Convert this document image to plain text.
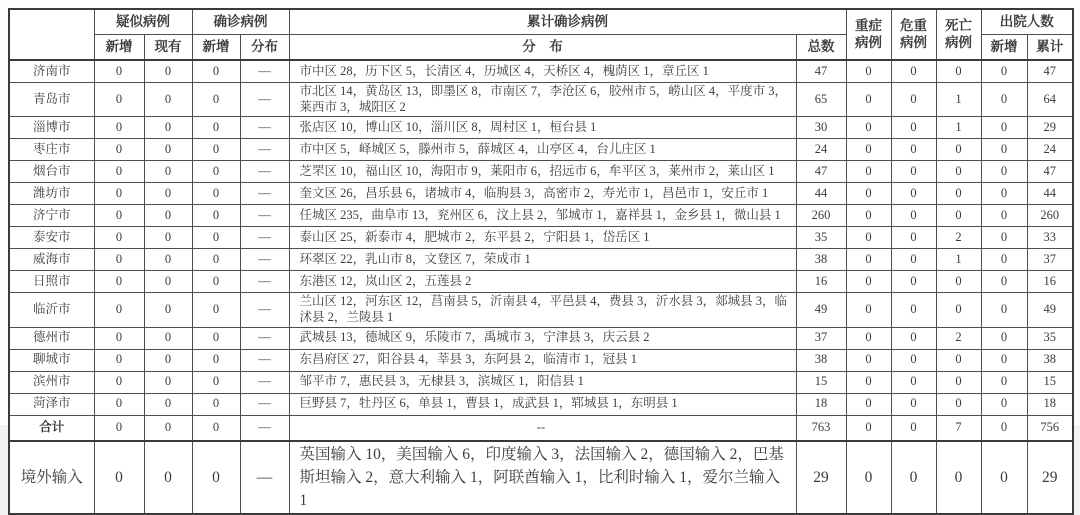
	疑似病例		确诊病例		累计确诊病例		重症病例	危重病例	死亡病例	出院人数	
	新增	现有	新增	分布	分　布	总数				新增	累计
济南市	0	0	0	—	市中区 28，历下区 5，长清区 4，历城区 4，天桥区 4，槐荫区 1，章丘区 1	47	0	0	0	0	47
青岛市	0	0	0	—	市北区 14，黄岛区 13，即墨区 8，市南区 7，李沧区 6，胶州市 5，崂山区 4，平度市 3，莱西市 3，城阳区 2	65	0	0	1	0	64
淄博市	0	0	0	—	张店区 10，博山区 10，淄川区 8，周村区 1，桓台县 1	30	0	0	1	0	29
枣庄市	0	0	0	—	市中区 5，峄城区 5，滕州市 5，薛城区 4，山亭区 4，台儿庄区 1	24	0	0	0	0	24
烟台市	0	0	0	—	芝罘区 10，福山区 10，海阳市 9，莱阳市 6，招远市 6，牟平区 3，莱州市 2，莱山区 1	47	0	0	0	0	47
潍坊市	0	0	0	—	奎文区 26，昌乐县 6，诸城市 4，临朐县 3，高密市 2，寿光市 1，昌邑市 1，安丘市 1	44	0	0	0	0	44
济宁市	0	0	0	—	任城区 235，曲阜市 13，兖州区 6，汶上县 2，邹城市 1，嘉祥县 1，金乡县 1，微山县 1	260	0	0	0	0	260
泰安市	0	0	0	—	泰山区 25，新泰市 4，肥城市 2，东平县 2，宁阳县 1，岱岳区 1	35	0	0	2	0	33
威海市	0	0	0	—	环翠区 22，乳山市 8，文登区 7，荣成市 1	38	0	0	1	0	37
日照市	0	0	0	—	东港区 12，岚山区 2，五莲县 2	16	0	0	0	0	16
临沂市	0	0	0	—	兰山区 12，河东区 12，莒南县 5，沂南县 4，平邑县 4，费县 3，沂水县 3，郯城县 3，临沭县 2，兰陵县 1	49	0	0	0	0	49
德州市	0	0	0	—	武城县 13，德城区 9，乐陵市 7，禹城市 3，宁津县 3，庆云县 2	37	0	0	2	0	35
聊城市	0	0	0	—	东昌府区 27，阳谷县 4，莘县 3，东阿县 2，临清市 1，冠县 1	38	0	0	0	0	38
滨州市	0	0	0	—	邹平市 7，惠民县 3，无棣县 3，滨城区 1，阳信县 1	15	0	0	0	0	15
菏泽市	0	0	0	—	巨野县 7，牡丹区 6，单县 1，曹县 1，成武县 1，郓城县 1，东明县 1	18	0	0	0	0	18
合计	0	0	0	—	--	763	0	0	7	0	756
境外输入	0	0	0	—	英国输入 10，美国输入 6，印度输入 3，法国输入 2，德国输入 2，巴基斯坦输入 2，意大利输入 1，阿联酋输入 1，比利时输入 1，爱尔兰输入 1	29	0	0	0	0	29
